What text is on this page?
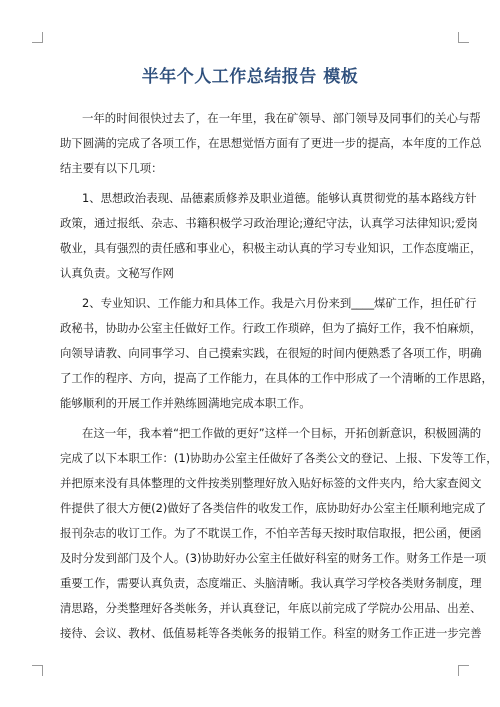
半年个人工作总结报告 模板
一年的时间很快过去了，在一年里，我在矿领导、部门领导及同事们的关心与帮
助下圆满的完成了各项工作，在思想觉悟方面有了更进一步的提高，本年度的工作总
结主要有以下几项：
1、思想政治表现、品德素质修养及职业道德。能够认真贯彻党的基本路线方针
政策，通过报纸、杂志、书籍积极学习政治理论;遵纪守法，认真学习法律知识;爱岗
敬业，具有强烈的责任感和事业心，积极主动认真的学习专业知识，工作态度端正，
认真负责。文秘写作网
2、专业知识、工作能力和具体工作。我是六月份来到____煤矿工作，担任矿行
政秘书，协助办公室主任做好工作。行政工作琐碎，但为了搞好工作，我不怕麻烦，
向领导请教、向同事学习、自己摸索实践，在很短的时间内便熟悉了各项工作，明确
了工作的程序、方向，提高了工作能力，在具体的工作中形成了一个清晰的工作思路，
能够顺利的开展工作并熟练圆满地完成本职工作。
在这一年，我本着“把工作做的更好”这样一个目标，开拓创新意识，积极圆满的
完成了以下本职工作：(1)协助办公室主任做好了各类公文的登记、上报、下发等工作，
并把原来没有具体整理的文件按类别整理好放入贴好标签的文件夹内，给大家查阅文
件提供了很大方便(2)做好了各类信件的收发工作，底协助好办公室主任顺利地完成了
报刊杂志的收订工作。为了不耽误工作，不怕辛苦每天按时取信取报，把公函，便函
及时分发到部门及个人。(3)协助好办公室主任做好科室的财务工作。财务工作是一项
重要工作，需要认真负责，态度端正、头脑清晰。我认真学习学校各类财务制度，理
清思路，分类整理好各类帐务，并认真登记，年底以前完成了学院办公用品、出差、
接待、会议、教材、低值易耗等各类帐务的报销工作。科室的财务工作正进一步完善
